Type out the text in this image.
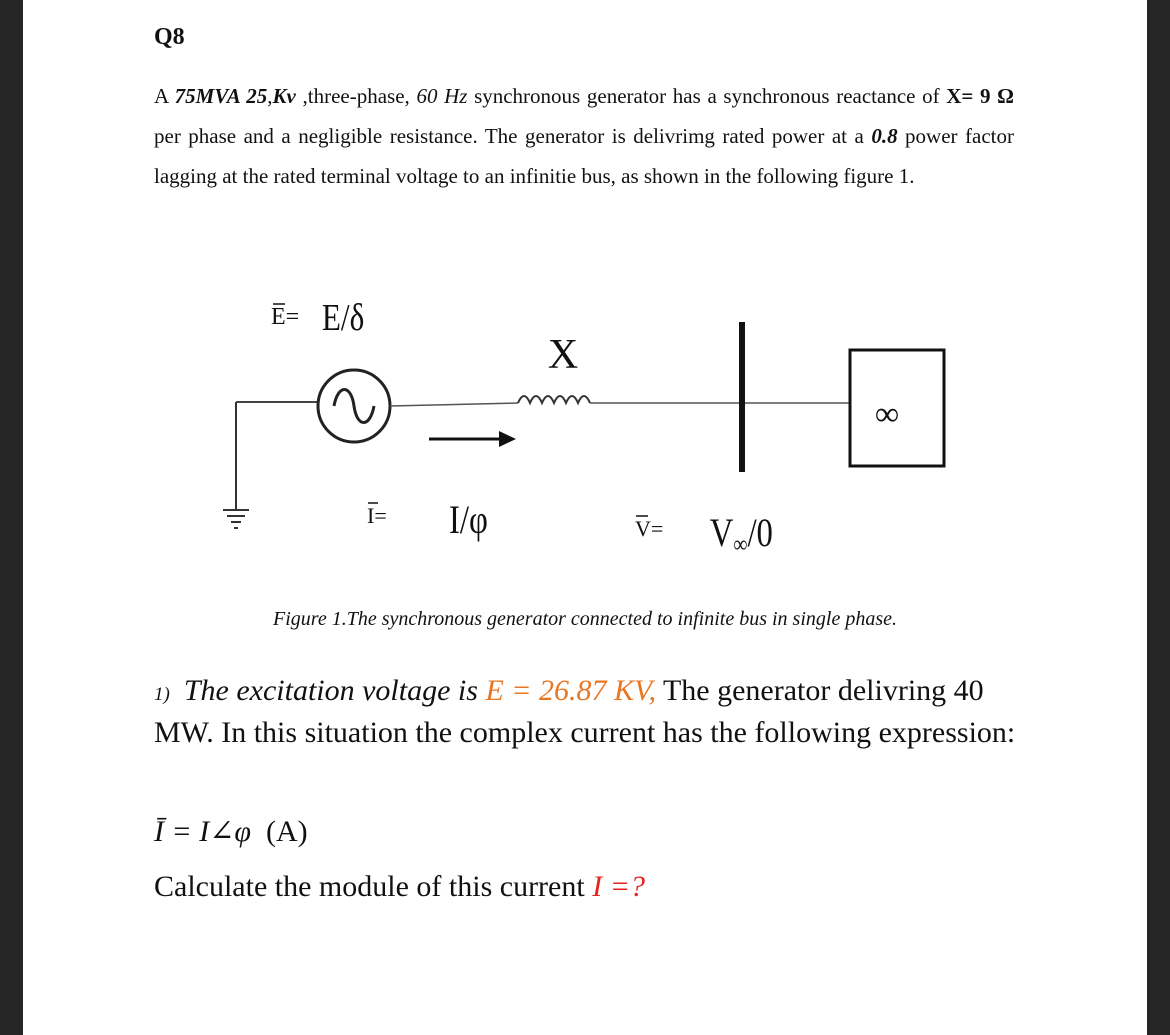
Q8
A 75MVA 25,Kv ,three-phase, 60 Hz synchronous generator has a synchronous reactance of X= 9 Ω per phase and a negligible resistance. The generator is delivrimg rated power at a 0.8 power factor lagging at the rated terminal voltage to an infinitie bus, as shown in the following figure 1.
∞
E= E/δ
X
I= I/φ	V= V∞/0
Figure 1.The synchronous generator connected to infinite bus in single phase.
1) The excitation voltage is E = 26.87 KV, The generator delivring 40 MW. In this situation the complex current has the following expression:
Ī = I∠φ (A)
Calculate the module of this current I =?
